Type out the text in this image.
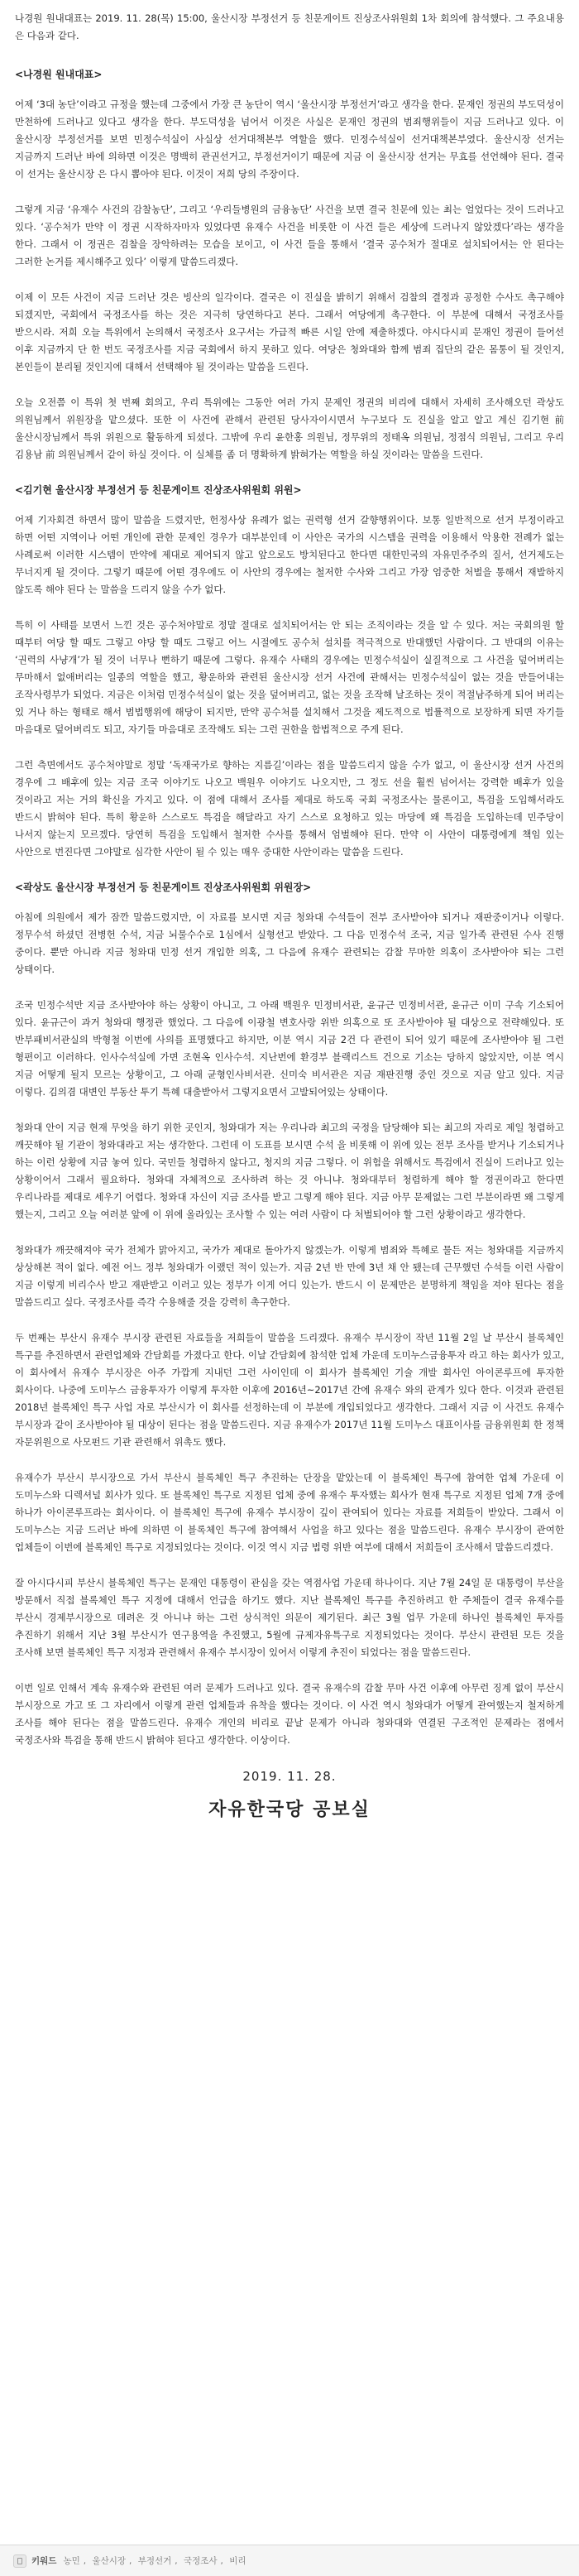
나경원 원내대표는 2019. 11. 28(목) 15:00, 울산시장 부정선거 등 친문게이트 진상조사위원회 1차 회의에 참석했다. 그 주요내용은 다음과 같다.

<나경원 원내대표>

어제 ‘3대 농단’이라고 규정을 했는데 그중에서 가장 큰 농단이 역시 ‘울산시장 부정선거’라고 생각을 한다. 문재인 정권의 부도덕성이 만천하에 드러나고 있다고 생각을 한다. 부도덕성을 넘어서 이것은 사실은 문재인 정권의 범죄행위들이 지금 드러나고 있다. 이 울산시장 부정선거를 보면 민정수석실이 사실상 선거대책본부 역할을 했다. 민정수석실이 선거대책본부였다. 울산시장 선거는 지금까지 드러난 바에 의하면 이것은 명백히 관권선거고, 부정선거이기 때문에 지금 이 울산시장 선거는 무효를 선언해야 된다. 결국 이 선거는 울산시장 은 다시 뽑아야 된다. 이것이 저희 당의 주장이다.

그렇게 지금 ‘유재수 사건의 감찰농단’, 그리고 ‘우리들병원의 금융농단’ 사건을 보면 결국 친문에 있는 최는 얼었다는 것이 드러나고 있다. ‘공수처가 만약 이 정권 시작하자마자 있었다면 유재수 사건을 비롯한 이 사건 들은 세상에 드러나지 않았겠다’라는 생각을 한다. 그래서 이 정권은 검찰을 장악하려는 모습을 보이고, 이 사건 들을 통해서 ‘결국 공수처가 절대로 설치되어서는 안 된다는 그러한 논거를 제시해주고 있다’ 이렇게 말씀드리겠다.

이제 이 모든 사건이 지금 드러난 것은 빙산의 일각이다. 결국은 이 진실을 밝히기 위해서 검찰의 결정과 공정한 수사도 촉구해야 되겠지만, 국회에서 국정조사를 하는 것은 지극히 당연하다고 본다. 그래서 여당에게 촉구한다. 이 부분에 대해서 국정조사를 받으시라. 저희 오늘 특위에서 논의해서 국정조사 요구서는 가급적 빠른 시일 안에 제출하겠다. 야시다시피 문재인 정권이 들어선 이후 지금까지 단 한 번도 국정조사를 지금 국회에서 하지 못하고 있다. 여당은 청와대와 함께 범죄 집단의 같은 몸통이 될 것인지, 본인들이 분리될 것인지에 대해서 선택해야 될 것이라는 말씀을 드린다.

오늘 오전쯤 이 특위 첫 번째 회의고, 우리 특위에는 그동안 여러 가지 문제인 정권의 비리에 대해서 자세히 조사해오던 곽상도 의원님께서 위원장을 맡으셨다. 또한 이 사건에 관해서 관련된 당사자이시면서 누구보다 도 진실을 알고 알고 계신 김기현 前 울산시장님께서 특위 위원으로 활동하게 되셨다. 그밖에 우리 윤한홍 의원님, 정무위의 정태옥 의원님, 정점식 의원님, 그리고 우리 김용남 前 의원님께서 같이 하실 것이다. 이 실체를 좀 더 명확하게 밝혀가는 역할을 하실 것이라는 말씀을 드린다.

<김기현 울산시장 부정선거 등 친문게이트 진상조사위원회 위원>

어제 기자회견 하면서 많이 말씀을 드렸지만, 헌정사상 유례가 없는 권력형 선거 갈향행위이다. 보통 일반적으로 선거 부정이라고 하면 어떤 지역이나 어떤 개인에 관한 문제인 경우가 대부분인데 이 사안은 국가의 시스템을 권력을 이용해서 악용한 전례가 없는 사례로써 이러한 시스템이 만약에 제대로 제어되지 않고 앞으로도 방치된다고 한다면 대한민국의 자유민주주의 질서, 선거제도는 무너지게 될 것이다. 그렇기 때문에 어떤 경우에도 이 사안의 경우에는 철저한 수사와 그리고 가장 엄중한 처벌을 통해서 재발하지 않도록 해야 된다 는 말씀을 드리지 않을 수가 없다.

특히 이 사태를 보면서 느낀 것은 공수처야말로 정말 절대로 설치되어서는 안 되는 조직이라는 것을 알 수 있다. 저는 국회의원 할 때부터 여당 할 때도 그렇고 야당 할 때도 그렇고 어느 시절에도 공수처 설치를 적극적으로 반대했던 사람이다. 그 반대의 이유는 ‘권력의 사냥개’가 될 것이 너무나 뻔하기 때문에 그렇다. 유재수 사태의 경우에는 민정수석실이 실질적으로 그 사건을 덮어버리는 무마해서 없애버리는 일종의 역할을 했고, 황운하와 관련된 울산시장 선거 사건에 관해서는 민정수석실이 없는 것을 만들어내는 조작사령부가 되었다. 지금은 이처럼 민정수석실이 없는 것을 덮어버리고, 없는 것을 조작해 날조하는 것이 적절남주하게 되어 버리는 있 거나 하는 형태로 해서 범법행위에 해당이 되지만, 만약 공수처를 설치해서 그것을 제도적으로 법률적으로 보장하게 되면 자기들 마음대로 덮어버리도 되고, 자기들 마음대로 조작해도 되는 그런 권한을 합법적으로 주게 된다.

그런 측면에서도 공수처야말로 정말 ‘독재국가로 향하는 지름길’이라는 점을 말씀드리지 않을 수가 없고, 이 울산시장 선거 사건의 경우에 그 배후에 있는 지금 조국 이야기도 나오고 백원우 이야기도 나오지만, 그 정도 선을 훨씬 넘어서는 강력한 배후가 있을 것이라고 저는 거의 확신을 가지고 있다. 이 점에 대해서 조사를 제대로 하도록 국회 국정조사는 물론이고, 특검을 도입해서라도 반드시 밝혀야 된다. 특히 황운하 스스로도 특검을 해달라고 자기 스스로 요청하고 있는 마당에 왜 특검을 도입하는데 민주당이 나서지 않는지 모르겠다. 당연히 특검을 도입해서 철저한 수사를 통해서 엄벌해야 된다. 만약 이 사안이 대통령에게 책임 있는 사안으로 번진다면 그야말로 심각한 사안이 될 수 있는 매우 중대한 사안이라는 말씀을 드린다.

<곽상도 울산시장 부정선거 등 친문게이트 진상조사위원회 위원장>

아침에 의원에서 제가 잠깐 말씀드렸지만, 이 자료를 보시면 지금 청와대 수석들이 전부 조사받아야 되거나 재판중이거나 이렇다. 정무수석 하셨던 전병헌 수석, 지금 뇌물수수로 1심에서 실형선고 받았다. 그 다음 민정수석 조국, 지금 일가족 관련된 수사 진행 중이다. 뿐만 아니라 지금 청와대 민정 선거 개입한 의혹, 그 다음에 유재수 관련되는 감찰 무마한 의혹이 조사받아야 되는 그런 상태이다.

조국 민정수석만 지금 조사받아야 하는 상황이 아니고, 그 아래 백원우 민정비서관, 윤규근 민정비서관, 윤규근 이미 구속 기소되어 있다. 윤규근이 과거 청와대 행정관 했었다. 그 다음에 이광철 변호사랑 위반 의혹으로 또 조사받아야 될 대상으로 전략해있다. 또 반부패비서관실의 박형철 이번에 사의를 표명했다고 하지만, 이분 역시 지금 2건 다 관련이 되어 있기 때문에 조사받아야 될 그런 형편이고 이러하다. 인사수석실에 가면 조현옥 인사수석. 지난번에 환경부 블랙리스트 건으로 기소는 당하지 않았지만, 이분 역시 지금 어떻게 될지 모르는 상황이고, 그 아래 균형인사비서관. 신미숙 비서관은 지금 재판진행 중인 것으로 지금 알고 있다. 지금 이렇다. 김의겸 대변인 부동산 투기 특혜 대출받아서 그렇지요면서 고발되어있는 상태이다.

청와대 안이 지금 현재 무엇을 하기 위한 곳인지, 청와대가 저는 우리나라 최고의 국정을 담당해야 되는 최고의 자리로 제일 청렴하고 깨끗해야 될 기관이 청와대라고 저는 생각한다. 그런데 이 도표를 보시면 수석 을 비롯해 이 위에 있는 전부 조사를 받거나 기소되거나 하는 이런 상황에 지금 놓여 있다. 국민들 청렴하지 않다고, 청지의 지금 그렇다. 이 위험을 위해서도 특검에서 진실이 드러나고 있는 상황이어서 그래서 필요하다. 청와대 자체적으로 조사하려 하는 것 아니냐. 청와대부터 청렴하게 해야 할 정권이라고 한다면 우리나라를 제대로 세우기 어렵다. 청와대 자신이 지금 조사를 받고 그렇게 해야 된다. 지금 아무 문제없는 그런 부분이라면 왜 그렇게 했는지, 그리고 오늘 여러분 앞에 이 위에 올라있는 조사할 수 있는 여러 사람이 다 처벌되어야 할 그런 상황이라고 생각한다.

청와대가 깨끗해져야 국가 전체가 맑아지고, 국가가 제대로 돌아가지 않겠는가. 이렇게 범죄와 특혜로 물든 저는 청와대를 지금까지 상상해본 적이 없다. 예전 어느 정부 청와대가 이랬던 적이 있는가. 지금 2년 반 만에 3년 채 안 됐는데 근무했던 수석들 이런 사람이 지금 이렇게 비리수사 받고 재판받고 이러고 있는 정부가 이게 어디 있는가. 반드시 이 문제만은 분명하게 책임을 져야 된다는 점을 말씀드리고 싶다. 국정조사를 즉각 수용해줄 것을 강력히 촉구한다.

두 번째는 부산시 유재수 부시장 관련된 자료들을 저희들이 말씀을 드리겠다. 유재수 부시장이 작년 11월 2일 날 부산시 블록체인 특구를 추진하면서 관련업체와 간담회를 가졌다고 한다. 이날 간담회에 참석한 업체 가운데 도미누스금융투자 라고 하는 회사가 있고, 이 회사에서 유재수 부시장은 아주 가깝게 지내던 그런 사이인데 이 회사가 블록체인 기술 개발 회사인 아이콘루프에 투자한 회사이다. 나중에 도미누스 금융투자가 이렇게 투자한 이후에 2016년~2017년 간에 유재수 와의 관계가 있다 한다. 이것과 관련된 2018년 블록체인 특구 사업 자로 부산시가 이 회사를 선정하는데 이 부분에 개입되었다고 생각한다. 그래서 지금 이 사건도 유재수 부시장과 같이 조사받아야 될 대상이 된다는 점을 말씀드린다. 지금 유재수가 2017년 11월 도미누스 대표이사를 금융위원회 한 정책 자문위원으로 사모펀드 기관 관련해서 위촉도 했다.

유재수가 부산시 부시장으로 가서 부산시 블록체인 특구 추진하는 단장을 맡았는데 이 블록체인 특구에 참여한 업체 가운데 이 도미누스와 디렉셔널 회사가 있다. 또 블록체인 특구로 지정된 업체 중에 유재수 투자했는 회사가 현재 특구로 지정된 업체 7개 중에 하나가 아이콘루프라는 회사이다. 이 블록체인 특구에 유재수 부시장이 깊이 관여되어 있다는 자료를 저희들이 받았다. 그래서 이 도미누스는 지금 드러난 바에 의하면 이 블록체인 특구에 참여해서 사업을 하고 있다는 점을 말씀드린다. 유재수 부시장이 관여한 업체들이 이번에 블록체인 특구로 지정되었다는 것이다. 이것 역시 지금 법령 위반 여부에 대해서 저희들이 조사해서 말씀드리겠다.

잘 아시다시피 부산시 블록체인 특구는 문재인 대통령이 관심을 갖는 역점사업 가운데 하나이다. 지난 7월 24일 문 대통령이 부산을 방문해서 직접 블록체인 특구 지정에 대해서 언급을 하기도 했다. 지난 블록체인 특구를 추진하려고 한 주체들이 결국 유재수를 부산시 경제부시장으로 데려온 것 아니냐 하는 그런 상식적인 의문이 제기된다. 최근 3월 업무 가운데 하나인 블록체인 투자를 추진하기 위해서 지난 3월 부산시가 연구용역을 추진했고, 5월에 규제자유특구로 지정되었다는 것이다. 부산시 관련된 모든 것을 조사해 보면 블록체인 특구 지정과 관련해서 유재수 부시장이 있어서 이렇게 추진이 되었다는 점을 말씀드린다.

이번 일로 인해서 계속 유재수와 관련된 여러 문제가 드러나고 있다. 결국 유재수의 감찰 무마 사건 이후에 아무런 징계 없이 부산시 부시장으로 가고 또 그 자리에서 이렇게 관련 업체들과 유착을 했다는 것이다. 이 사건 역시 청와대가 어떻게 관여했는지 철저하게 조사를 해야 된다는 점을 말씀드린다. 유재수 개인의 비리로 끝날 문제가 아니라 청와대와 연결된 구조적인 문제라는 점에서 국정조사와 특검을 통해 반드시 밝혀야 된다고 생각한다. 이상이다.

2019. 11. 28.
자유한국당 공보실
키워드 농민 , 울산시장 , 부정선거 , 국정조사 , 비리
